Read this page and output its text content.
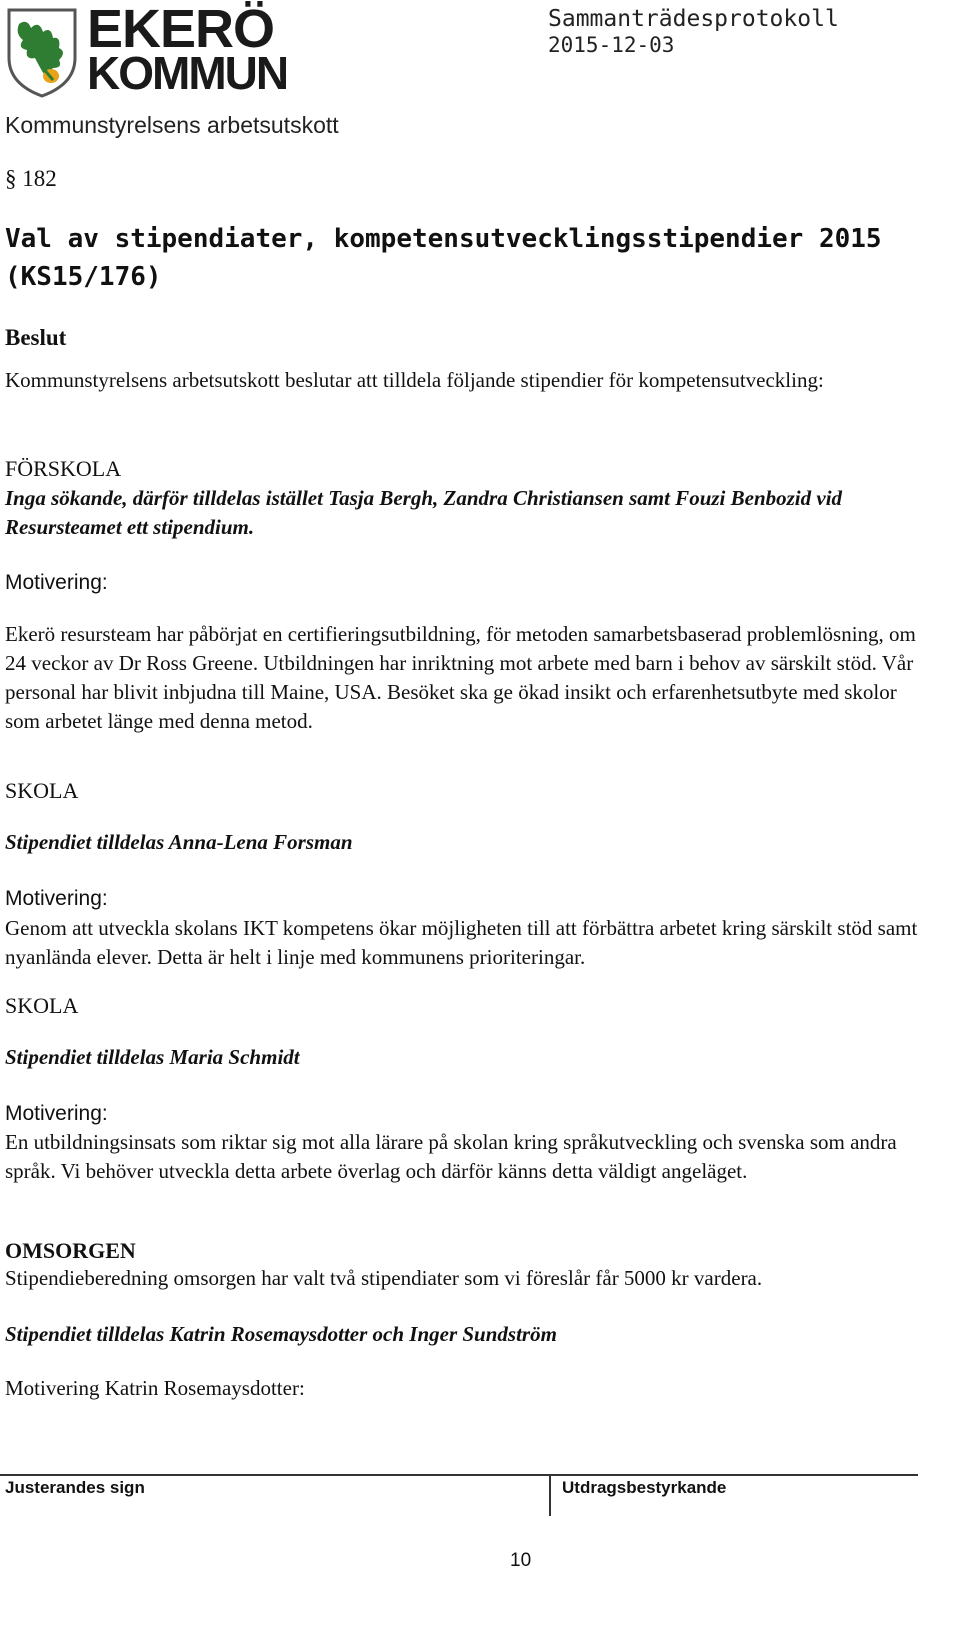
EKERÖ
KOMMUN
Sammanträdesprotokoll
2015-12-03
Kommunstyrelsens arbetsutskott
§ 182
Val av stipendiater, kompetensutvecklingsstipendier 2015 (KS15/176)
Beslut

Kommunstyrelsens arbetsutskott beslutar att tilldela följande stipendier för kompetensutveckling:

FÖRSKOLA

Inga sökande, därför tilldelas istället Tasja Bergh, Zandra Christiansen samt Fouzi Benbozid vid Resursteamet ett stipendium.

Motivering:

Ekerö resursteam har påbörjat en certifieringsutbildning, för metoden samarbetsbaserad problemlösning, om 24 veckor av Dr Ross Greene. Utbildningen har inriktning mot arbete med barn i behov av särskilt stöd. Vår personal har blivit inbjudna till Maine, USA. Besöket ska ge ökad insikt och erfarenhetsutbyte med skolor som arbetet länge med denna metod.

SKOLA
Stipendiet tilldelas Anna-Lena Forsman
Motivering:

Genom att utveckla skolans IKT kompetens ökar möjligheten till att förbättra arbetet kring särskilt stöd samt nyanlända elever. Detta är helt i linje med kommunens prioriteringar.

SKOLA
Stipendiet tilldelas Maria Schmidt
Motivering:

En utbildningsinsats som riktar sig mot alla lärare på skolan kring språkutveckling och svenska som andra språk. Vi behöver utveckla detta arbete överlag och därför känns detta väldigt angeläget.

OMSORGEN

Stipendieberedning omsorgen har valt två stipendiater som vi föreslår får 5000 kr vardera.

Stipendiet tilldelas Katrin Rosemaysdotter och Inger Sundström
Motivering Katrin Rosemaysdotter:
Justerandes sign	Utdragsbestyrkande
10
